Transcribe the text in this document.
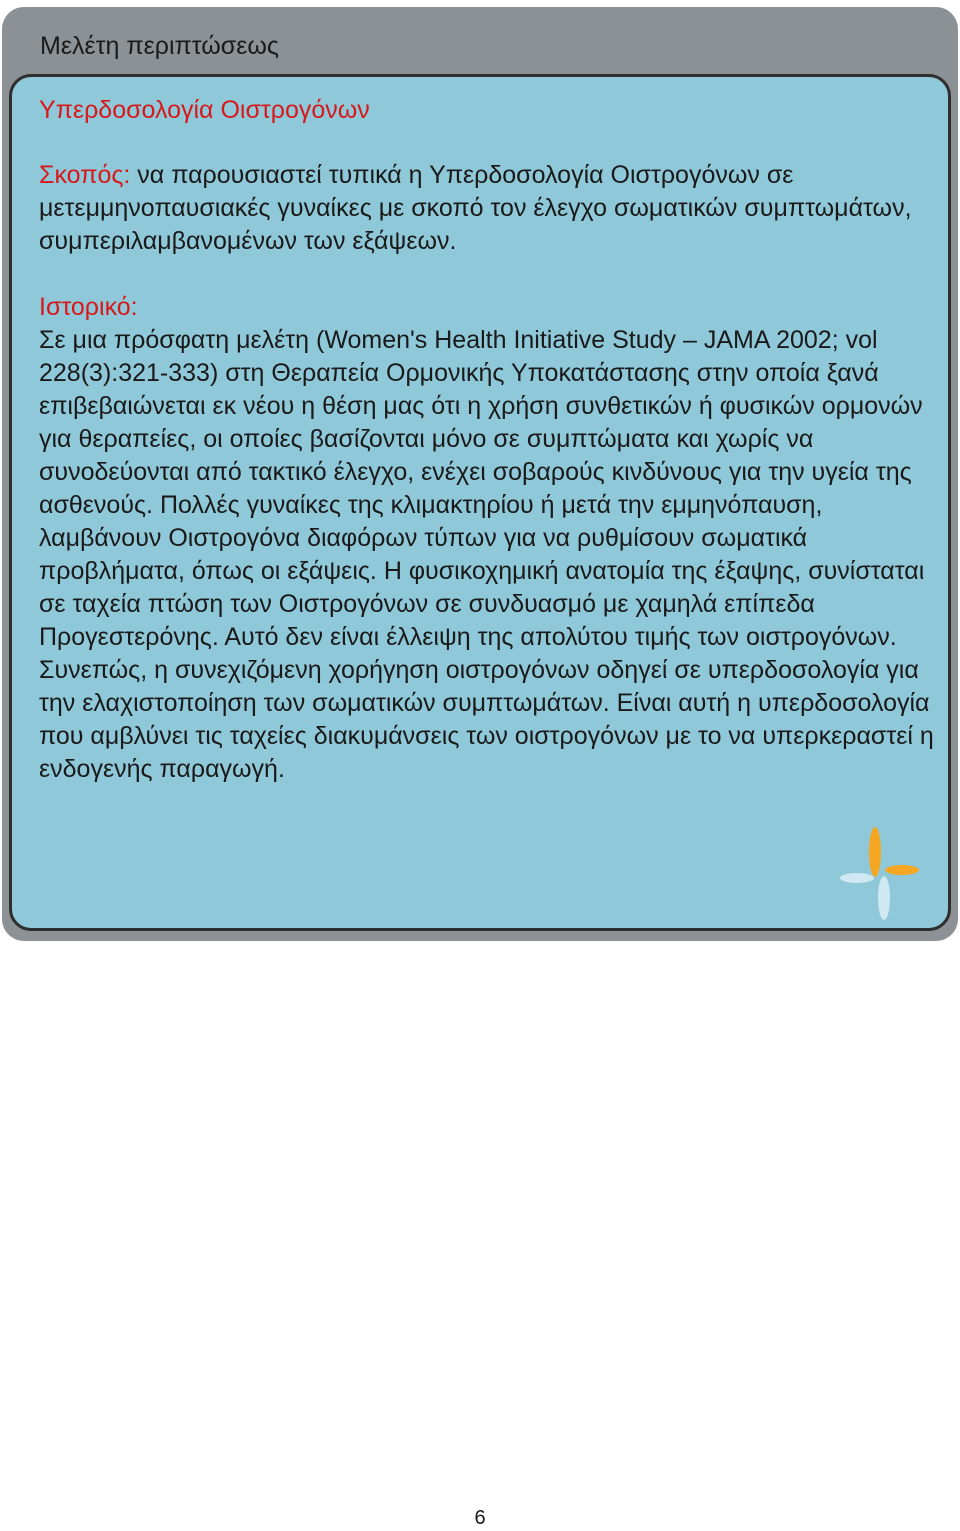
Μελέτη περιπτώσεως

Υπερδοσολογία Οιστρογόνων

Σκοπός: να παρουσιαστεί τυπικά η Υπερδοσολογία Οιστρογόνων σε μετεμμηνοπαυσιακές γυναίκες με σκοπό τον έλεγχο σωματικών συμπτωμάτων, συμπεριλαμβανομένων των εξάψεων.

Ιστορικό:

Σε μια πρόσφατη μελέτη (Women's Health Initiative Study – JAMA 2002; vol 228(3):321-333) στη Θεραπεία Ορμονικής Υποκατάστασης στην οποία ξανά επιβεβαιώνεται εκ νέου η θέση μας ότι η χρήση συνθετικών ή φυσικών ορμονών για θεραπείες, οι οποίες βασίζονται μόνο σε συμπτώματα και χωρίς να συνοδεύονται από τακτικό έλεγχο, ενέχει σοβαρούς κινδύνους για την υγεία της ασθενούς. Πολλές γυναίκες της κλιμακτηρίου ή μετά την εμμηνόπαυση, λαμβάνουν Οιστρογόνα διαφόρων τύπων για να ρυθμίσουν σωματικά προβλήματα, όπως οι εξάψεις. Η φυσικοχημική ανατομία της έξαψης, συνίσταται σε ταχεία πτώση των Οιστρογόνων σε συνδυασμό με χαμηλά επίπεδα Προγεστερόνης. Αυτό δεν είναι έλλειψη της απολύτου τιμής των οιστρογόνων. Συνεπώς, η συνεχιζόμενη χορήγηση οιστρογόνων οδηγεί σε υπερδοσολογία για την ελαχιστοποίηση των σωματικών συμπτωμάτων. Είναι αυτή η υπερδοσολογία που αμβλύνει τις ταχείες διακυμάνσεις των οιστρογόνων με το να υπερκεραστεί η ενδογενής παραγωγή.

6
